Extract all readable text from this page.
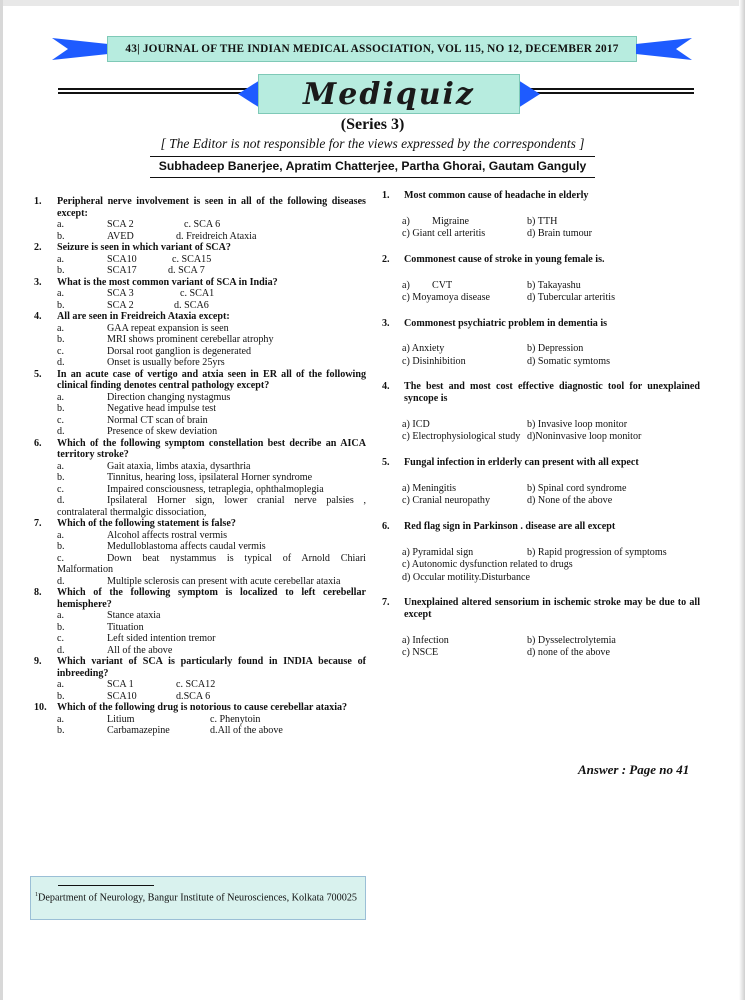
43| JOURNAL OF THE INDIAN MEDICAL ASSOCIATION, VOL 115, NO 12, DECEMBER 2017
Mediquiz
(Series 3)
[ The Editor is not responsible for the views expressed by the correspondents ]
Subhadeep Banerjee, Apratim Chatterjee, Partha Ghorai, Gautam Ganguly
1. Peripheral nerve involvement is seen in all of the following diseases except:
a.	SCA 2	c. SCA 6
b.	AVED	d. Freidreich Ataxia
2. Seizure is seen in which variant of SCA?
a.	SCA10	c. SCA15
b.	SCA17	d. SCA 7
3. What is the most common variant of SCA in India?
a.	SCA 3	c. SCA1
b.	SCA 2	d. SCA6
4. All are seen in Freidreich Ataxia except:
a.	GAA repeat expansion is seen
b.	MRI shows prominent cerebellar atrophy
c.	Dorsal root ganglion is degenerated
d.	Onset is usually before 25yrs
5. In an acute case of vertigo and atxia seen in ER all of the following clinical finding denotes central pathology except?
a.	Direction changing nystagmus
b.	Negative head impulse test
c.	Normal CT scan of brain
d.	Presence of skew deviation
6. Which of the following symptom constellation best decribe an AICA territory stroke?
a.	Gait ataxia, limbs ataxia, dysarthria
b.	Tinnitus, hearing loss, ipsilateral Horner syndrome
c.	Impaired consciousness, tetraplegia, ophthalmoplegia
d.	Ipsilateral Horner sign, lower cranial nerve palsies , contralateral thermalgic dissociation,
7. Which of the following statement is false?
a.	Alcohol affects rostral vermis
b.	Medulloblastoma affects caudal vermis
c.	Down beat nystammus is typical of Arnold Chiari Malformation
d.	Multiple sclerosis can present with acute cerebellar ataxia
8. Which of the following symptom is localized to left cerebellar hemisphere?
a.	Stance ataxia
b.	Tituation
c.	Left sided intention tremor
d.	All of the above
9. Which variant of SCA is particularly found in INDIA because of inbreeding?
a.	SCA 1	c. SCA12
b.	SCA10	d.SCA 6
10. Which of the following drug is notorious to cause cerebellar ataxia?
a.	Litium	c. Phenytoin
b.	Carbamazepine	d.All of the above
1. Most common cause of headache in elderly
a) Migraine	b) TTH
c) Giant cell arteritis	d) Brain tumour
2. Commonest cause of stroke in young female is.
a) CVT	b) Takayashu
c) Moyamoya disease	d) Tubercular arteritis
3. Commonest psychiatric problem in dementia is
a) Anxiety	b) Depression
c) Disinhibition	d) Somatic symtoms
4. The best and most cost effective diagnostic tool for unexplained syncope is
a) ICD	b) Invasive loop monitor
c) Electrophysiological study d)Noninvasive loop monitor
5. Fungal infection in erlderly can present with all expect
a) Meningitis	b) Spinal cord syndrome
c) Cranial neuropathy	d) None of the above
6. Red flag sign in Parkinson . disease are all except
a) Pyramidal sign	b) Rapid progression of symptoms
c) Autonomic dysfunction related to drugs
d) Occular motility.Disturbance
7. Unexplained altered sensorium in ischemic stroke may be due to all except
a) Infection	b) Dysselectrolytemia
c) NSCE	d) none of the above
Answer : Page no 41
$^1$Department of Neurology, Bangur Institute of Neurosciences, Kolkata 700025
